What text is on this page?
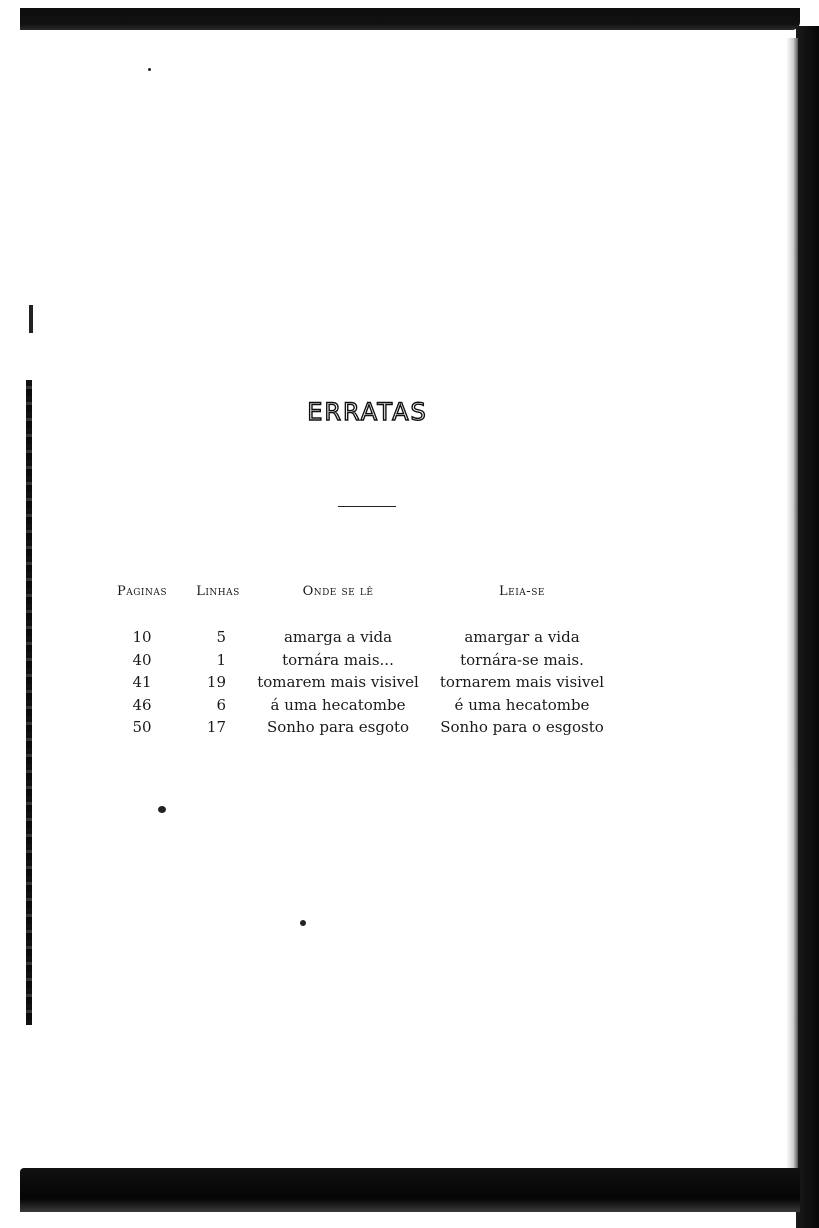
ERRATAS
Paginas	Linhas	Onde se lê	Leia-se
10	5	amarga a vida	amargar a vida
40	1	tornára mais...	tornára-se mais.
41	19	tomarem mais visivel	tornarem mais visivel
46	6	á uma hecatombe	é uma hecatombe
50	17	Sonho para esgoto	Sonho para o esgosto
